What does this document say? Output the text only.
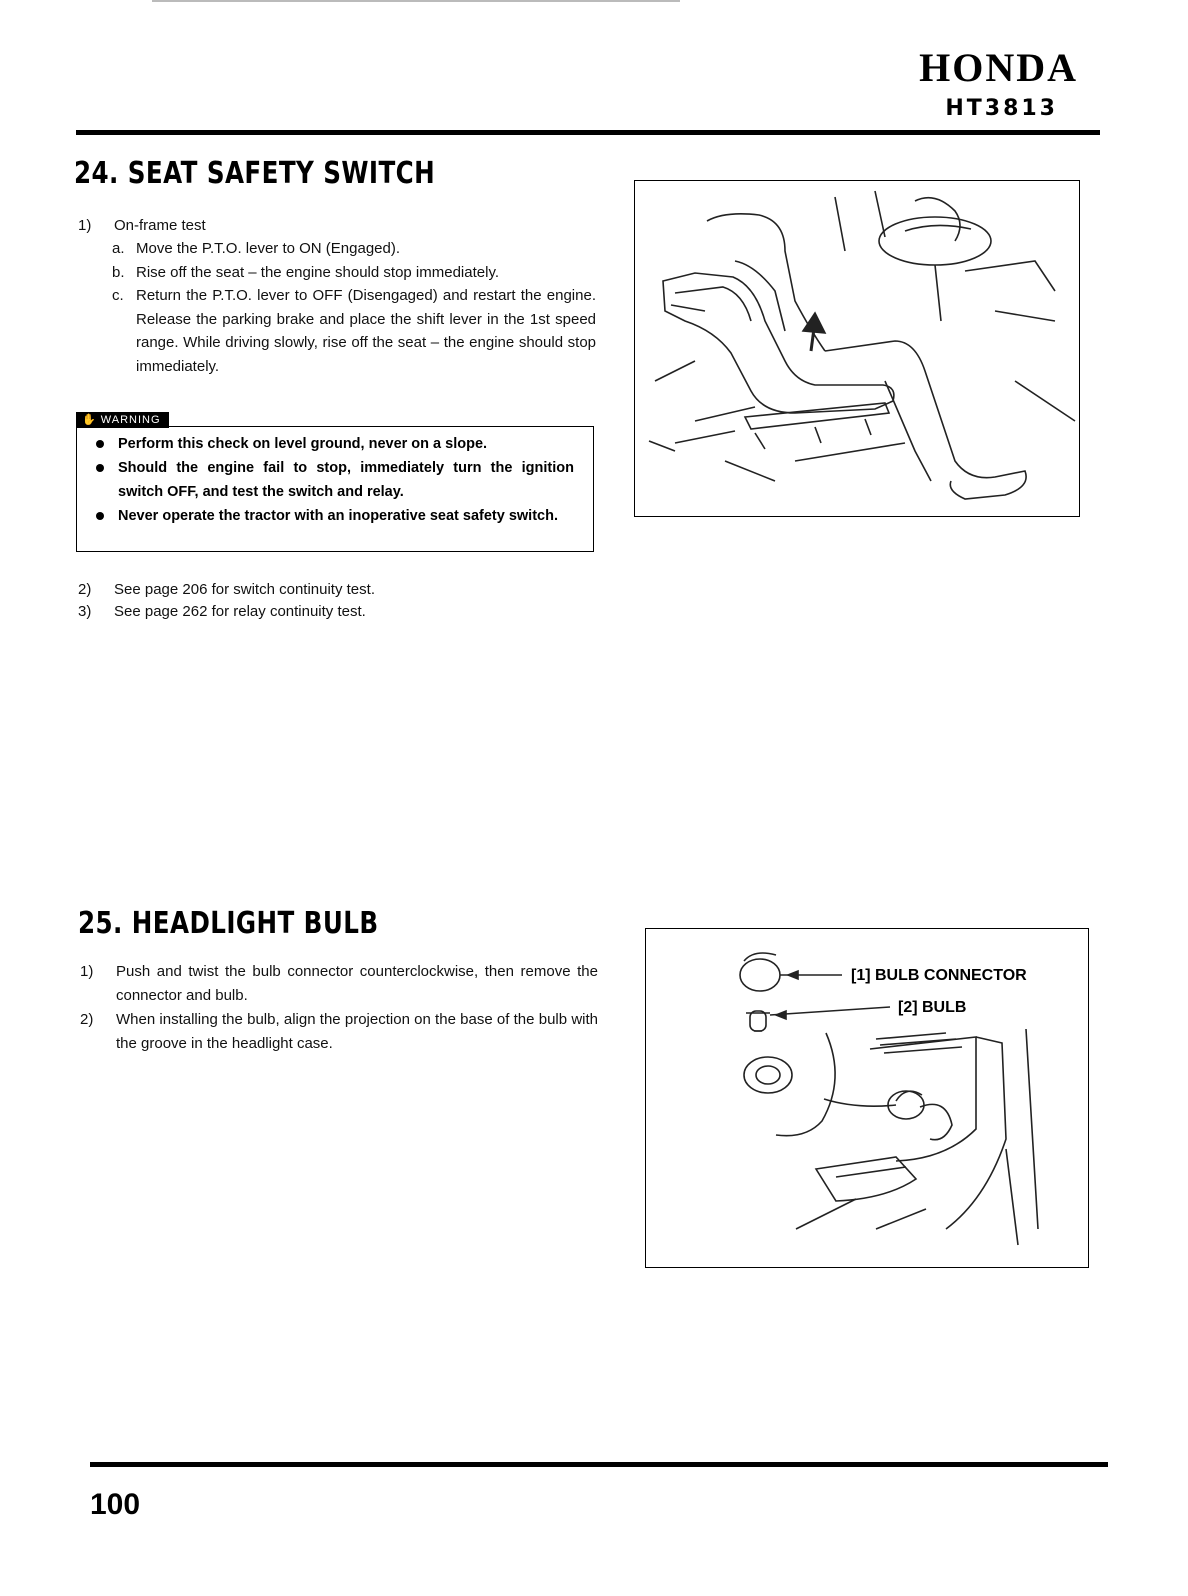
HONDA
HT3813
24. SEAT SAFETY SWITCH
1) On-frame test
a. Move the P.T.O. lever to ON (Engaged).
b. Rise off the seat – the engine should stop immediately.
c. Return the P.T.O. lever to OFF (Disengaged) and restart the engine. Release the parking brake and place the shift lever in the 1st speed range. While driving slowly, rise off the seat – the engine should stop immediately.
✋ WARNING
Perform this check on level ground, never on a slope.
Should the engine fail to stop, immediately turn the ignition switch OFF, and test the switch and relay.
Never operate the tractor with an inoperative seat safety switch.
2) See page 206 for switch continuity test.
3) See page 262 for relay continuity test.
25. HEADLIGHT BULB
1) Push and twist the bulb connector counterclockwise, then remove the connector and bulb.
2) When installing the bulb, align the projection on the base of the bulb with the groove in the headlight case.
[1] BULB CONNECTOR
[2] BULB
100
